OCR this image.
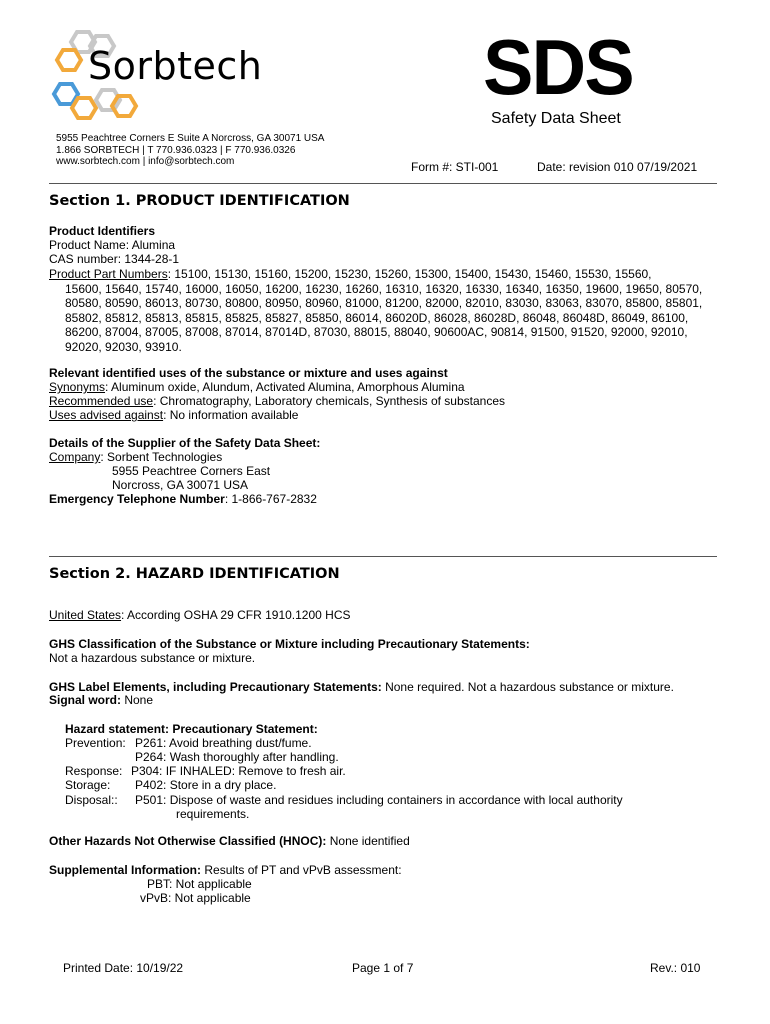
Sorbtech	SDS
Safety Data Sheet
5955 Peachtree Corners E Suite A Norcross, GA 30071 USA
1.866 SORBTECH | T 770.936.0323 | F 770.936.0326
www.sorbtech.com | info@sorbtech.com	Form #: STI-001	Date: revision 010 07/19/2021
Section 1. PRODUCT IDENTIFICATION
Product Identifiers
Product Name: Alumina
CAS number: 1344-28-1
Product Part Numbers: 15100, 15130, 15160, 15200, 15230, 15260, 15300, 15400, 15430, 15460, 15530, 15560,
15600, 15640, 15740, 16000, 16050, 16200, 16230, 16260, 16310, 16320, 16330, 16340, 16350, 19600, 19650, 80570, 80580, 80590, 86013, 80730, 80800, 80950, 80960, 81000, 81200, 82000, 82010, 83030, 83063, 83070, 85800, 85801, 85802, 85812, 85813, 85815, 85825, 85827, 85850, 86014, 86020D, 86028, 86028D, 86048, 86048D, 86049, 86100, 86200, 87004, 87005, 87008, 87014, 87014D, 87030, 88015, 88040, 90600AC, 90814, 91500, 91520, 92000, 92010, 92020, 92030, 93910.
Relevant identified uses of the substance or mixture and uses against
Synonyms: Aluminum oxide, Alundum, Activated Alumina, Amorphous Alumina
Recommended use: Chromatography, Laboratory chemicals, Synthesis of substances
Uses advised against: No information available
Details of the Supplier of the Safety Data Sheet:
Company: Sorbent Technologies
5955 Peachtree Corners East
Norcross, GA 30071 USA
Emergency Telephone Number: 1-866-767-2832
Section 2. HAZARD IDENTIFICATION
United States: According OSHA 29 CFR 1910.1200 HCS
GHS Classification of the Substance or Mixture including Precautionary Statements:
Not a hazardous substance or mixture.
GHS Label Elements, including Precautionary Statements: None required. Not a hazardous substance or mixture.
Signal word: None
Hazard statement: Precautionary Statement:
Prevention: P261: Avoid breathing dust/fume.
P264: Wash thoroughly after handling.
Response: P304: IF INHALED: Remove to fresh air.
Storage: P402: Store in a dry place.
Disposal:: P501: Dispose of waste and residues including containers in accordance with local authority
requirements.
Other Hazards Not Otherwise Classified (HNOC): None identified
Supplemental Information: Results of PT and vPvB assessment:
PBT: Not applicable
vPvB: Not applicable
Printed Date: 10/19/22	Page 1 of 7	Rev.: 010
